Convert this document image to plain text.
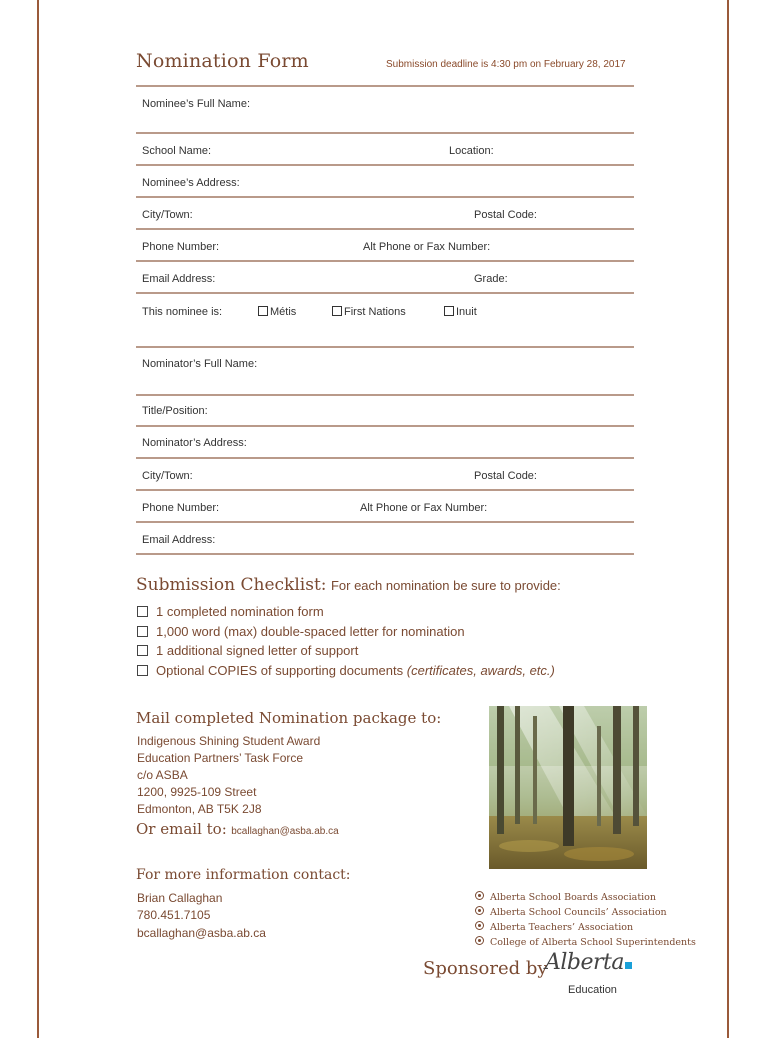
Nomination Form	Submission deadline is 4:30 pm on February 28, 2017
Nominee’s Full Name:
School Name:	Location:
Nominee’s Address:
City/Town:	Postal Code:
Phone Number:	Alt Phone or Fax Number:
Email Address:	Grade:
This nominee is:	Métis	First Nations	Inuit
Nominator’s Full Name:
Title/Position:
Nominator’s Address:
City/Town:	Postal Code:
Phone Number:	Alt Phone or Fax Number:
Email Address:
Submission Checklist: For each nomination be sure to provide:
1 completed nomination form
1,000 word (max) double-spaced letter for nomination
1 additional signed letter of support
Optional COPIES of supporting documents (certificates, awards, etc.)
Mail completed Nomination package to:
Indigenous Shining Student Award
Education Partners’ Task Force
c/o ASBA
1200, 9925-109 Street
Edmonton, AB T5K 2J8
Or email to: bcallaghan@asba.ab.ca
For more information contact:
Brian Callaghan
780.451.7105
bcallaghan@asba.ab.ca
Alberta School Boards Association
Alberta School Councils’ Association
Alberta Teachers’ Association
College of Alberta School Superintendents
Sponsored by
Alberta
Education
